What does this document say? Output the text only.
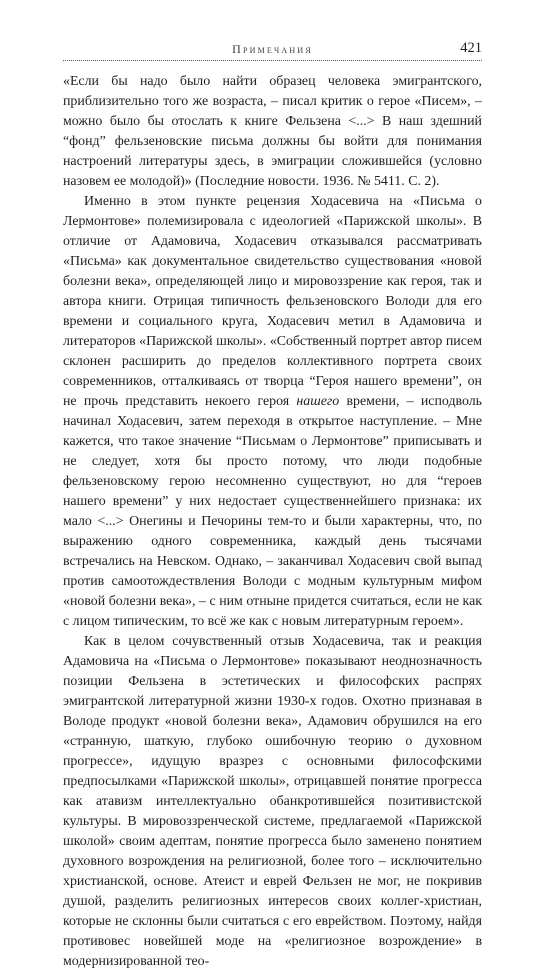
Примечания	421

«Если бы надо было найти образец человека эмигрантского, приблизительно того же возраста, – писал критик о герое «Писем», – можно было бы отослать к книге Фельзена <...> В наш здешний “фонд” фельзеновские письма должны бы войти для понимания настроений литературы здесь, в эмиграции сложившейся (условно назовем ее молодой)» (Последние новости. 1936. № 5411. С. 2).

Именно в этом пункте рецензия Ходасевича на «Письма о Лермонтове» полемизировала с идеологией «Парижской школы». В отличие от Адамовича, Ходасевич отказывался рассматривать «Письма» как документальное свидетельство существования «новой болезни века», определяющей лицо и мировоззрение как героя, так и автора книги. Отрицая типичность фельзеновского Володи для его времени и социального круга, Ходасевич метил в Адамовича и литераторов «Парижской школы». «Собственный портрет автор писем склонен расширить до пределов коллективного портрета своих современников, отталкиваясь от творца “Героя нашего времени”, он не прочь представить некоего героя нашего времени, – исподволь начинал Ходасевич, затем переходя в открытое наступление. – Мне кажется, что такое значение “Письмам о Лермонтове” приписывать и не следует, хотя бы просто потому, что люди подобные фельзеновскому герою несомненно существуют, но для “героев нашего времени” у них недостает существеннейшего признака: их мало <...> Онегины и Печорины тем-то и были характерны, что, по выражению одного современника, каждый день тысячами встречались на Невском. Однако, – заканчивал Ходасевич свой выпад против самоотождествления Володи с модным культурным мифом «новой болезни века», – с ним отныне придется считаться, если не как с лицом типическим, то всё же как с новым литературным героем».

Как в целом сочувственный отзыв Ходасевича, так и реакция Адамовича на «Письма о Лермонтове» показывают неоднозначность позиции Фельзена в эстетических и философских распрях эмигрантской литературной жизни 1930-х годов. Охотно признавая в Володе продукт «новой болезни века», Адамович обрушился на его «странную, шаткую, глубоко ошибочную теорию о духовном прогрессе», идущую вразрез с основными философскими предпосылками «Парижской школы», отрицавшей понятие прогресса как атавизм интеллектуально обанкротившейся позитивистской культуры. В мировоззренческой системе, предлагаемой «Парижской школой» своим адептам, понятие прогресса было заменено понятием духовного возрождения на религиозной, более того – исключительно христианской, основе. Атеист и еврей Фельзен не мог, не покривив душой, разделить религиозных интересов своих коллег-христиан, которые не склонны были считаться с его еврейством. Поэтому, найдя противовес новейшей моде на «религиозное возрождение» в модернизированной тео-
